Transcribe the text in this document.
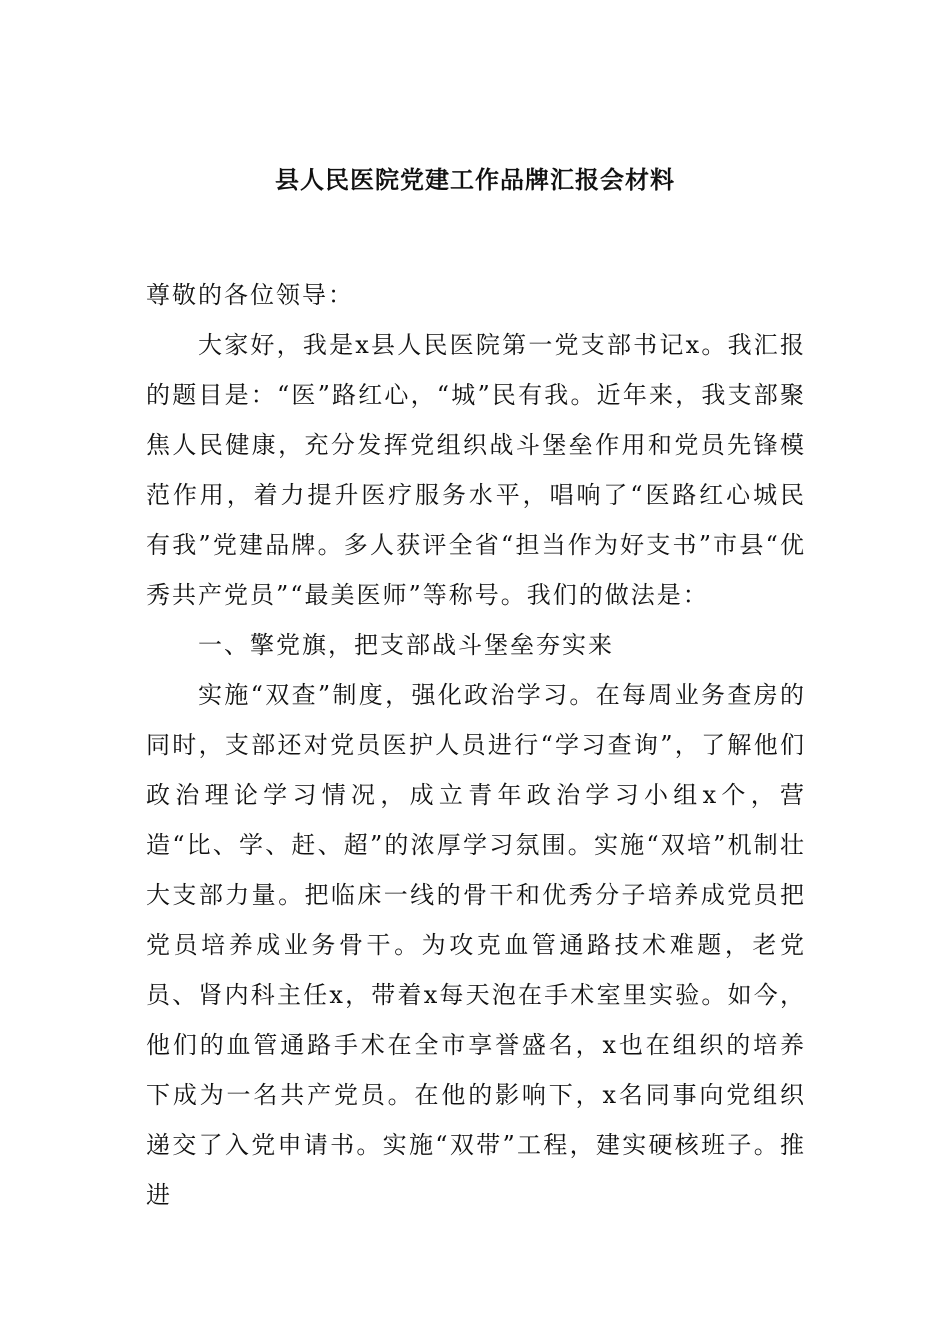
县人民医院党建工作品牌汇报会材料

尊敬的各位领导：

大家好，我是x县人民医院第一党支部书记x。我汇报的题目是：“医”路红心，“城”民有我。近年来，我支部聚焦人民健康，充分发挥党组织战斗堡垒作用和党员先锋模范作用，着力提升医疗服务水平，唱响了“医路红心城民有我”党建品牌。多人获评全省“担当作为好支书”市县“优秀共产党员”“最美医师”等称号。我们的做法是：

一、擎党旗，把支部战斗堡垒夯实来

实施“双查”制度，强化政治学习。在每周业务查房的同时，支部还对党员医护人员进行“学习查询”，了解他们政治理论学习情况，成立青年政治学习小组x个，营造“比、学、赶、超”的浓厚学习氛围。实施“双培”机制壮大支部力量。把临床一线的骨干和优秀分子培养成党员把党员培养成业务骨干。为攻克血管通路技术难题，老党员、肾内科主任x，带着x每天泡在手术室里实验。如今，他们的血管通路手术在全市享誉盛名，x也在组织的培养下成为一名共产党员。在他的影响下，x名同事向党组织递交了入党申请书。实施“双带”工程，建实硬核班子。推进
